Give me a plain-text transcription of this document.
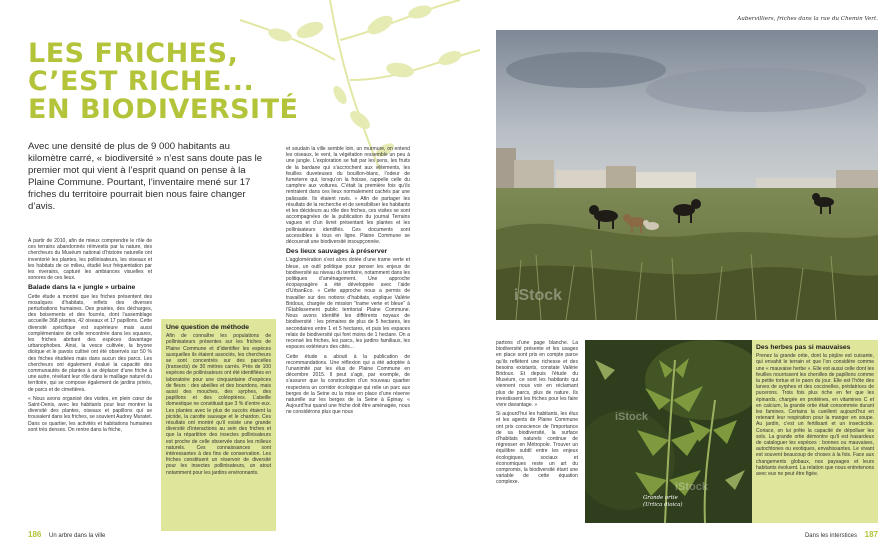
Aubervilliers, friches dans la rue du Chemin Vert.
LES FRICHES,
C’EST RICHE...
EN BIODIVERSITÉ
Avec une densité de plus de 9 000 habitants au kilomètre carré, « biodiversité » n’est sans doute pas le premier mot qui vient à l’esprit quand on pense à la Plaine Commune. Pourtant, l’inventaire mené sur 17 friches du territoire pourrait bien nous faire changer d’avis.

À partir de 2010, afin de mieux comprendre le rôle de ces terrains abandonnés réinvestis par la nature, des chercheurs du Muséum national d’histoire naturelle ont inventorié les plantes, les pollinisateurs, les oiseaux et les habitats de ce milieu, étudié leur fréquentation par les riverains, capturé les ambiances visuelles et sonores de ces lieux.

Balade dans la « jungle » urbaine

Cette étude a montré que les friches présentent des mosaïques d’habitats, reflets des diverses perturbations humaines. Des prairies, des décharges, des boisements et des fourrés, dont l’assemblage accueille 368 plantes, 42 oiseaux et 17 papillons. Cette diversité spécifique est supérieure mais aussi complémentaire de celle rencontrée dans les squares, les friches abritant des espèces davantage urbanophobes. Ainsi, la vesce cultivée, la bryone dioïque et le pavois cultivé ont été observés sur 50 % des friches étudiées mais dans aucun des parcs. Les chercheurs ont également évalué la capacité des communautés de plantes à se déplacer d’une friche à une autre, révélant leur rôle dans le maillage naturel du territoire, qui se compose également de jardins privés, de parcs et de cimetières.

« Nous avons organisé des visites, en plein cœur de Saint-Denis, avec les habitants pour leur montrer la diversité des plantes, oiseaux et papillons qui se trouvaient dans les friches, se souvient Audrey Muratet. Dans ce quartier, les activités et habitations humaines sont très denses. On rentre dans la friche,

Une question de méthode

Afin de connaître les populations de pollinisateurs présentes sur les friches de Plaine Commune et d’identifier les espèces auxquelles ils étaient associés, les chercheurs se sont concentrés sur des parcelles (transects) de 30 mètres carrés. Près de 100 espèces de pollinisateurs ont été identifiées en laboratoire pour une cinquantaine d’espèces de fleurs : des abeilles et des bourdons, mais aussi des mouches, des syrphes, des papillons et des coléoptères. L’abeille domestique ne constituait que 3 % d’entre eux. Les plantes avec le plus de succès étaient la picride, la carotte sauvage et le chardon. Ces résultats ont montré qu’il existe une grande diversité d’interactions au sein des friches et que la répartition des insectes pollinisateurs est proche de celle observée dans les milieux naturels. Ces connaissances sont intéressantes à des fins de conservation. Les friches constituent un réservoir de diversité pour les insectes pollinisateurs, un atout notamment pour les jardins environnants.

et soudain la ville semble loin, un murmure, on entend les oiseaux, le vent, la végétation ressemble un peu à une jungle. L’exploration se fait par les sens, les fruits de la bardane qui s’accrochent aux vêtements, les feuilles duveteuses du bouillon-blanc, l’odeur de fumeterre qui, lorsqu’on la froisse, rappelle celle du camphre aux voitures. C’était la première fois qu’ils rentraient dans ces lieux normalement cachés par une palissade. Ils étaient ravis. » Afin de partager les résultats de la recherche et de sensibiliser les habitants et les décideurs au rôle des friches, ces visites se sont accompagnées de la publication du journal Terrains vagues et d’un livret présentant les plantes et les pollinisateurs identifiés. Ces documents sont accessibles à tous en ligne. Plaine Commune se découvrait une biodiversité insoupçonnée.

Des lieux sauvages à préserver

L’agglomération s’est alors dotée d’une trame verte et bleue, un outil politique pour penser les enjeux de biodiversité au niveau du territoire, notamment dans les politiques d’aménagement. Une approche écopaysagère a été développée avec l’aide d’UrbanEco. « Cette approche nous a permis de travailler sur des notions d’habitats, explique Valérie Bridoux, chargée de mission “trame verte et bleue” à l’Établissement public territorial Plaine Commune. Nous avons identifié les différents noyaux de biodiversité : les primaires de plus de 5 hectares, les secondaires entre 1 et 5 hectares, et puis les espaces relais de biodiversité qui font moins de 1 hectare. On a recensé les friches, les parcs, les jardins familiaux, les espaces extérieurs des cités...

Cette étude a abouti à la publication de recommandations. Une réflexion qui a été adoptée à l’unanimité par les élus de Plaine Commune en décembre 2015. Il peut s’agir, par exemple, de s’assurer que la construction d’un nouveau quartier respectera un corridor écologique qui relie un parc aux berges de la Seine ou la mise en place d’une réserve naturelle sur les berges de la Seine à Épinay. « Aujourd’hui quand une friche doit être aménagée, nous ne considérons plus que nous

iStock

partons d’une page blanche. La biodiversité présente et les usages en place sont pris en compte parce qu’ils reflètent une richesse et des besoins existants, constate Valérie Bridoux. Et depuis l’étude du Muséum, ce sont les habitants qui viennent nous voir en réclamant plus de parcs, plus de nature. Ils investissent les friches pour les faire vivre davantage. »

Si aujourd’hui les habitants, les élus et les agents de Plaine Commune ont pris conscience de l’importance de sa biodiversité, la surface d’habitats naturels continue de régresser en Métropole. Trouver un équilibre subtil entre les enjeux écologiques, sociaux et économiques reste un art du compromis, la biodiversité étant une variable de cette équation complexe.

iStock
iStock
Grande ortie
(Urtica dioica)
Des herbes pas si mauvaises

Prenez la grande ortie, dont la piqûre est cuisante, qui envahit le terrain et que l’on considère comme une « mauvaise herbe ». Elle est aussi celle dont les feuilles nourrissent les chenilles de papillons comme la petite tortue et le paon du jour. Elle est l’hôte des larves de syrphes et des coccinelles, prédatrices de pucerons. Trois fois plus riche en fer que les épinards, chargée en protéines, en vitamines C et en calcium, la grande ortie était consommée durant les famines. Certains la cueillent aujourd’hui en retenant leur respiration pour la manger en soupe. Au jardin, c’est un fertilisant et un insecticide. Coriace, on lui prête la capacité de dépolluer les sols. La grande ortie démontre qu’il est hasardeux de cataloguer les espèces : bonnes ou mauvaises, autochtones ou exotiques, envahissantes. Le vivant est souvent beaucoup de choses à la fois. Face aux changements globaux, nos paysages et leurs habitants évoluent. La relation que nous entretenons avec eux ne peut être figée.

186 Un arbre dans la ville	Dans les interstices 187
